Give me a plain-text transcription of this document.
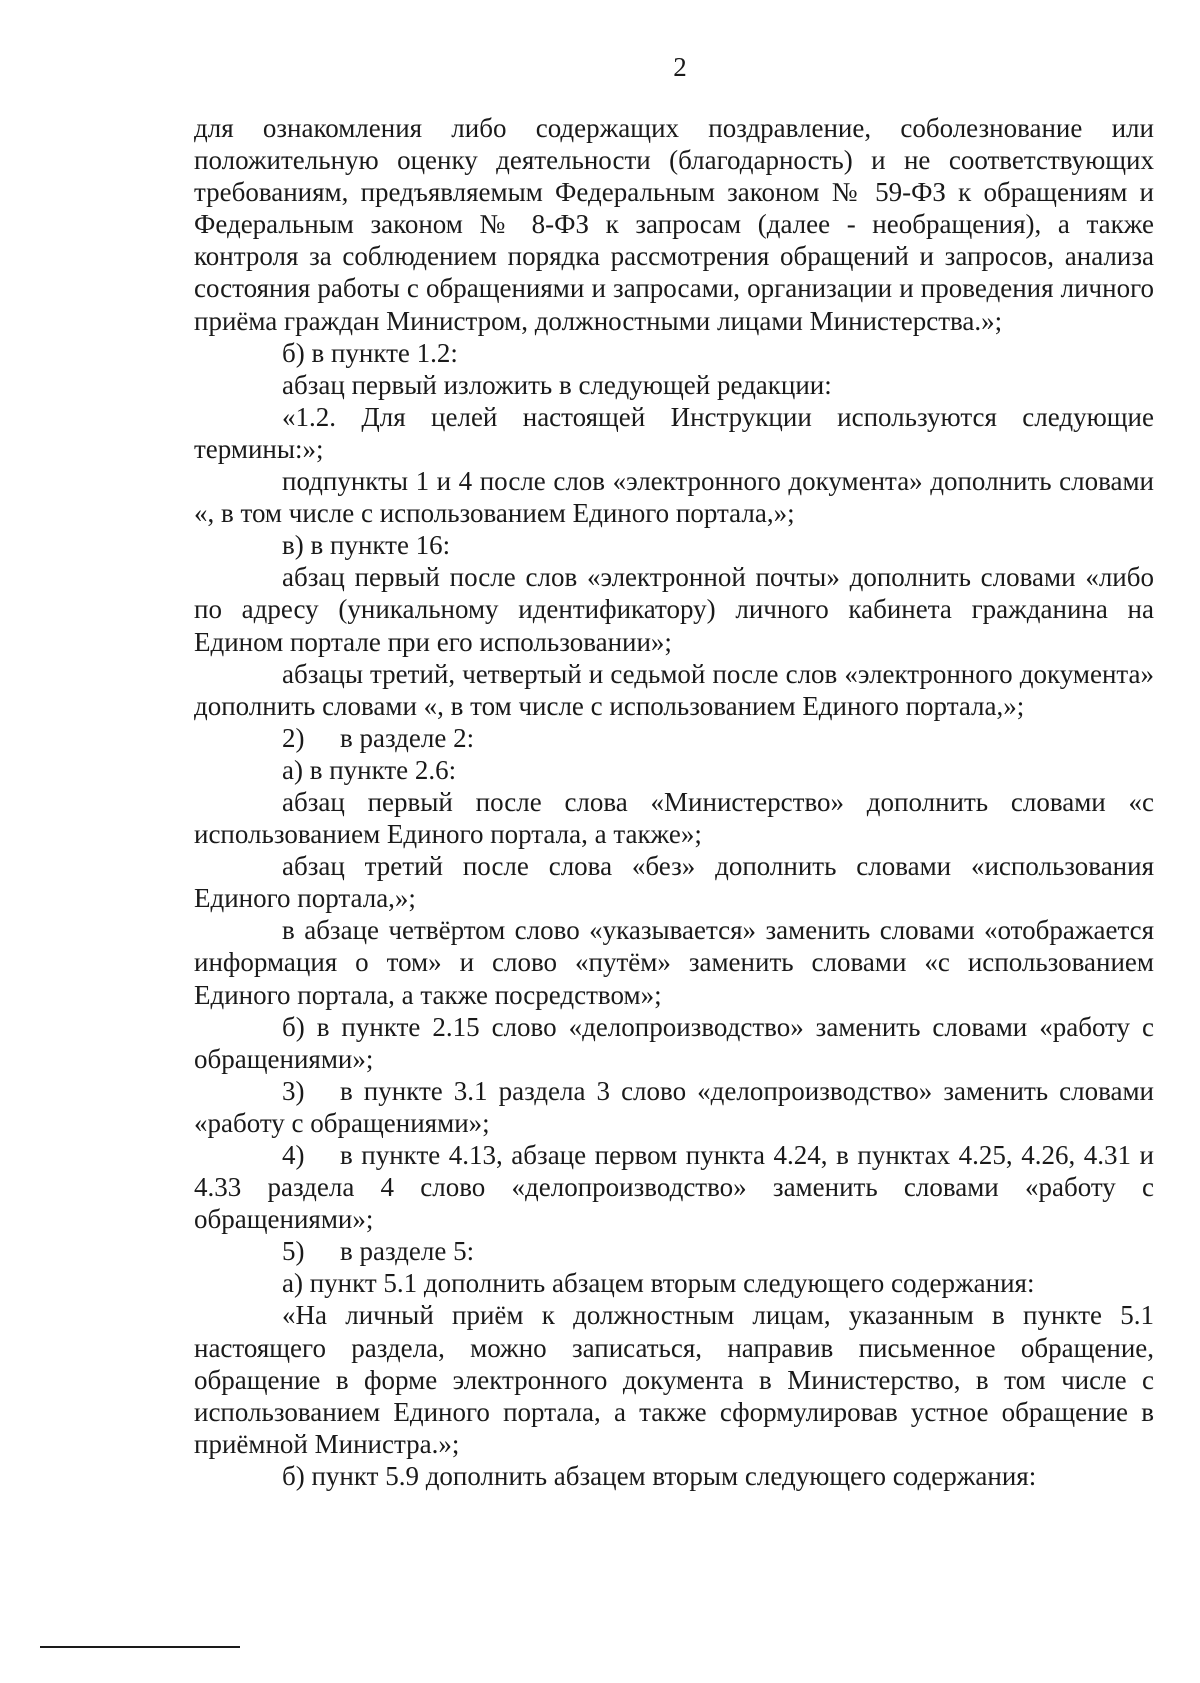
2

для ознакомления либо содержащих поздравление, соболезнование или положительную оценку деятельности (благодарность) и не соответствующих требованиям, предъявляемым Федеральным законом № 59-ФЗ к обращениям и Федеральным законом № 8-ФЗ к запросам (далее - необращения), а также контроля за соблюдением порядка рассмотрения обращений и запросов, анализа состояния работы с обращениями и запросами, организации и проведения личного приёма граждан Министром, должностными лицами Министерства.»;

б) в пункте 1.2:

абзац первый изложить в следующей редакции:

«1.2. Для целей настоящей Инструкции используются следующие термины:»;

подпункты 1 и 4 после слов «электронного документа» дополнить словами «, в том числе с использованием Единого портала,»;

в) в пункте 16:

абзац первый после слов «электронной почты» дополнить словами «либо по адресу (уникальному идентификатору) личного кабинета гражданина на Едином портале при его использовании»;

абзацы третий, четвертый и седьмой после слов «электронного документа» дополнить словами «, в том числе с использованием Единого портала,»;

2) в разделе 2:

а) в пункте 2.6:

абзац первый после слова «Министерство» дополнить словами «с использованием Единого портала, а также»;

абзац третий после слова «без» дополнить словами «использования Единого портала,»;

в абзаце четвёртом слово «указывается» заменить словами «отображается информация о том» и слово «путём» заменить словами «с использованием Единого портала, а также посредством»;

б) в пункте 2.15 слово «делопроизводство» заменить словами «работу с обращениями»;

3) в пункте 3.1 раздела 3 слово «делопроизводство» заменить словами «работу с обращениями»;

4) в пункте 4.13, абзаце первом пункта 4.24, в пунктах 4.25, 4.26, 4.31 и 4.33 раздела 4 слово «делопроизводство» заменить словами «работу с обращениями»;

5) в разделе 5:

а) пункт 5.1 дополнить абзацем вторым следующего содержания:

«На личный приём к должностным лицам, указанным в пункте 5.1 настоящего раздела, можно записаться, направив письменное обращение, обращение в форме электронного документа в Министерство, в том числе с использованием Единого портала, а также сформулировав устное обращение в приёмной Министра.»;

б) пункт 5.9 дополнить абзацем вторым следующего содержания:
